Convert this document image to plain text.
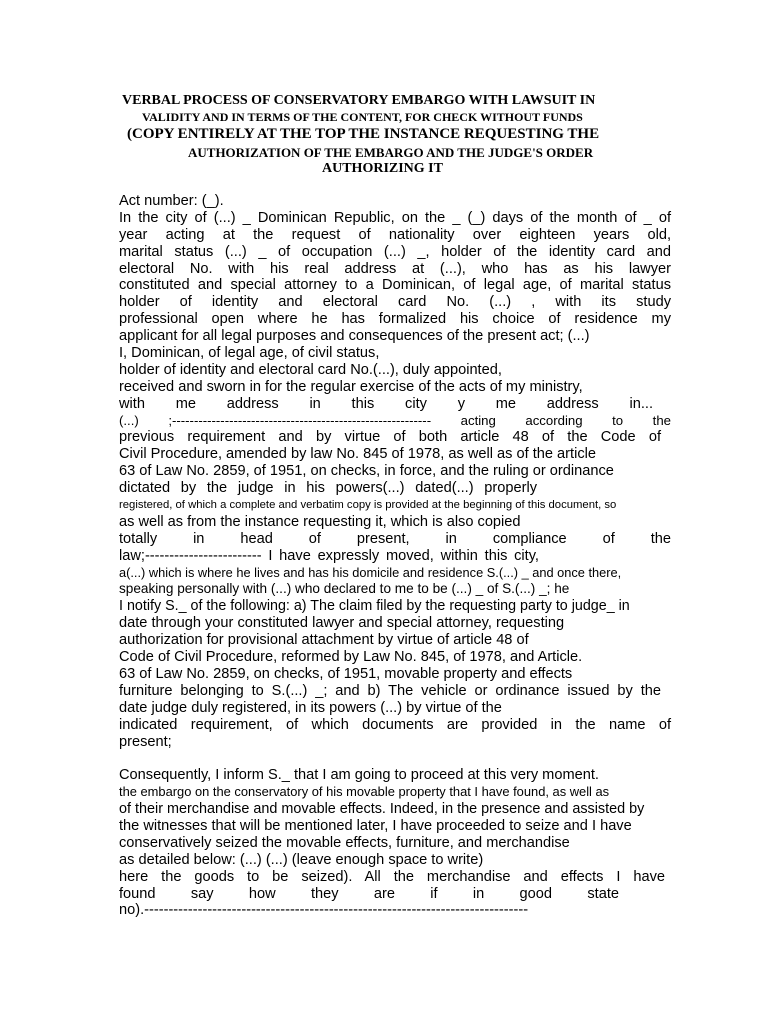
VERBAL PROCESS OF CONSERVATORY EMBARGO WITH LAWSUIT IN
VALIDITY AND IN TERMS OF THE CONTENT, FOR CHECK WITHOUT FUNDS
(COPY ENTIRELY AT THE TOP THE INSTANCE REQUESTING THE
AUTHORIZATION OF THE EMBARGO AND THE JUDGE'S ORDER
AUTHORIZING IT
Act number: (_).
In the city of (...) _ Dominican Republic, on the _ (_) days of the month of _ of
year acting at the request of nationality over eighteen years old,
marital status (...) _ of occupation (...) _, holder of the identity card and
electoral No. with his real address at (...), who has as his lawyer
constituted and special attorney to a Dominican, of legal age, of marital status
holder of identity and electoral card No. (...) , with its study
professional open where he has formalized his choice of residence my
applicant for all legal purposes and consequences of the present act; (...)
I, Dominican, of legal age, of civil status,
holder of identity and electoral card No.(...), duly appointed,
received and sworn in for the regular exercise of the acts of my ministry,
with me address in this city y me address in...
(...) ;----------------------------------------------------------- acting according to the
previous requirement and by virtue of both article 48 of the Code of
Civil Procedure, amended by law No. 845 of 1978, as well as of the article
63 of Law No. 2859, of 1951, on checks, in force, and the ruling or ordinance
dictated by the judge in his powers(...) dated(...) properly
registered, of which a complete and verbatim copy is provided at the beginning of this document, so
as well as from the instance requesting it, which is also copied
totally in head of present, in compliance of the
law;------------------------ I have expressly moved, within this city,
a(...) which is where he lives and has his domicile and residence S.(...) _ and once there,
speaking personally with (...) who declared to me to be (...) _ of S.(...) _; he
I notify S._ of the following: a) The claim filed by the requesting party to judge_ in
date through your constituted lawyer and special attorney, requesting
authorization for provisional attachment by virtue of article 48 of
Code of Civil Procedure, reformed by Law No. 845, of 1978, and Article.
63 of Law No. 2859, on checks, of 1951, movable property and effects
furniture belonging to S.(...) _; and b) The vehicle or ordinance issued by the
date judge duly registered, in its powers (...) by virtue of the
indicated requirement, of which documents are provided in the name of
present;
Consequently, I inform S._ that I am going to proceed at this very moment.
the embargo on the conservatory of his movable property that I have found, as well as
of their merchandise and movable effects. Indeed, in the presence and assisted by
the witnesses that will be mentioned later, I have proceeded to seize and I have
conservatively seized the movable effects, furniture, and merchandise
as detailed below: (...) (...) (leave enough space to write)
here the goods to be seized). All the merchandise and effects I have
found say how they are if in good state
no).-------------------------------------------------------------------------------
